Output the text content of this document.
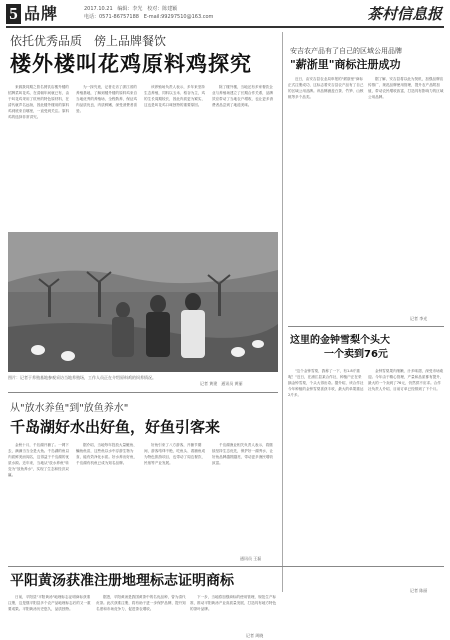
5 品牌	2017.10.21 编辑：李光 校对：陈建颖
电话：0571-86757188 E-mail:99297510@163.com	茶村信息报
依托优秀品质　傍上品牌餐饮
楼外楼叫花鸡原料鸡探究

来源我同期之曾名餐饮店楼外楼的招牌菜叫花鸡，在清朝年间就已有，由于叫花鸡采用了杭州的特色原材料，在清代就声名远扬，因此楼外楼用的原料鸡到底来自哪里，一直受到关注。原料鸡的选择非常讲究。

为一探究竟，记者走访了浙江省的养殖基地，了解到楼外楼的原料鸡来自当地优秀的养殖场，全程散养，保证鸡肉品质优良，肉质鲜嫩，深受消费者喜爱。

该养殖场负责人表示，多年来坚持生态养殖，饲料以玉米、稻谷为主，鸡的生长周期较长，因此肉质更为紧实，这也是叫花鸡口味独特的重要原因。

除了楼外楼，当地还有多家餐饮企业与养殖场建立了长期合作关系，品牌效应带动了当地农户增收，也让更多消费者品尝到了地道美味。

图片：记者于养殖基地参观采访当地养殖场，工作人员正在介绍原料鸡的饲养情况。
记者 黄建　通讯员 黄丽
安吉农产品有了自己的区域公用品牌
"薪浙里"商标注册成功

近日，由安吉县农业局申报的"薪浙里"商标正式注册成功，这标志着安吉县农产品有了自己的区域公用品牌。该品牌涵盖白茶、竹笋、山核桃等多个品类。

据了解，安吉县将以此为契机，加强品牌宣传推广，规范品牌使用管理，提升农产品附加值，带动农民增收致富，打造具有影响力的区域公用品牌。

记者 李光
这里的金钟雪梨个头大
一个卖到76元

"这个金钟雪梨，我称了一下，有1.8斤重呢！"近日，在浦江县某合作社，种植户正在采摘金钟雪梨，个头大得出奇。据介绍，该合作社今年种植的金钟雪梨喜获丰收，最大的单果重达2斤多。

金钟雪梨果肉细嫩、汁多味甜，深受市场欢迎。今年由于精心管理，产量和品质都有提升，最大的一个卖到了76元，仍然供不应求。合作社负责人介绍，目前订单已经排到了下个月。

记者 陈丽
从"放水养鱼"到"放鱼养水"
千岛湖好水出好鱼，好鱼引客来

金秋十月，千岛湖开捕了。一网下去，满满当当全是大鱼。千岛湖的鱼以肉质鲜美而闻名，这得益于千岛湖的优质水源。近年来，当地从"放水养鱼"转变为"放鱼养水"，实现了生态和经济双赢。

据介绍，当地每年投放大量鲢鱼、鳙鱼鱼苗，这些鱼以水中浮游生物为食，能有效净化水质。好水养出好鱼，千岛湖有机鱼已成为知名品牌。

好鱼引来了八方游客，开捕节期间，游客络绎不绝，吃鱼头、看捕鱼成为特色旅游项目，也带动了周边餐饮、民宿等产业发展。

千岛湖渔业相关负责人表示，将继续坚持生态优先，保护好一湖秀水，让好鱼品牌越擦越亮，带动更多渔民增收致富。

通讯员 王磊
平阳黄汤获准注册地理标志证明商标

日前，平阳县"平阳黄汤"地理标志证明商标获准注册，这是继平阳县多个农产品地理标志后的又一重要成果。平阳黄汤历史悠久，品质独特。

据悉，平阳黄汤是我国黄茶中的名优品种，曾为清代贡茶。此次获准注册，将有助于进一步保护品牌，提升知名度和市场竞争力，促进茶农增收。

下一步，当地将加强商标的使用管理，规范生产标准，推动平阳黄汤产业高质量发展，打造具有地方特色的茶叶品牌。

记者 周晓
